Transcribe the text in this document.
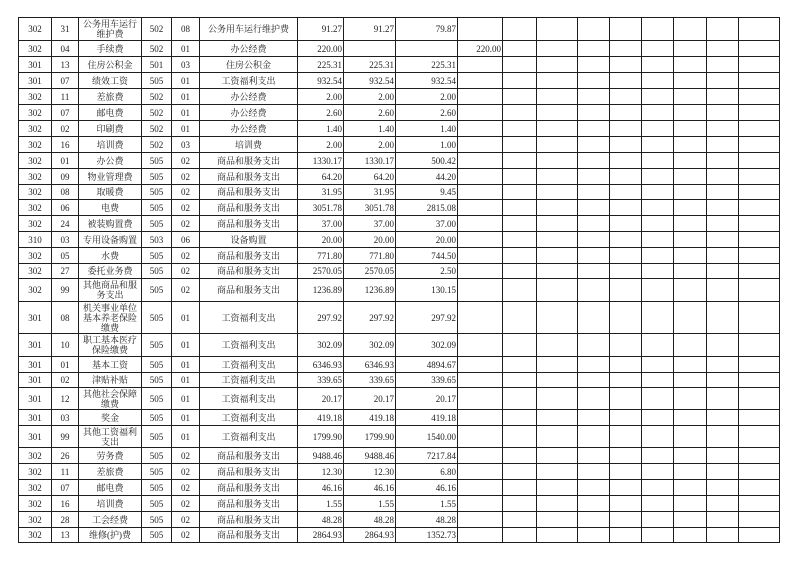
302	31	公务用车运行维护费	502	08	公务用车运行维护费	91.27	91.27	79.87									
302	04	手续费	502	01	办公经费	220.00			220.00								
301	13	住房公积金	501	03	住房公积金	225.31	225.31	225.31									
301	07	绩效工资	505	01	工资福利支出	932.54	932.54	932.54									
302	11	差旅费	502	01	办公经费	2.00	2.00	2.00									
302	07	邮电费	502	01	办公经费	2.60	2.60	2.60									
302	02	印刷费	502	01	办公经费	1.40	1.40	1.40									
302	16	培训费	502	03	培训费	2.00	2.00	1.00									
302	01	办公费	505	02	商品和服务支出	1330.17	1330.17	500.42									
302	09	物业管理费	505	02	商品和服务支出	64.20	64.20	44.20									
302	08	取暖费	505	02	商品和服务支出	31.95	31.95	9.45									
302	06	电费	505	02	商品和服务支出	3051.78	3051.78	2815.08									
302	24	被装购置费	505	02	商品和服务支出	37.00	37.00	37.00									
310	03	专用设备购置	503	06	设备购置	20.00	20.00	20.00									
302	05	水费	505	02	商品和服务支出	771.80	771.80	744.50									
302	27	委托业务费	505	02	商品和服务支出	2570.05	2570.05	2.50									
302	99	其他商品和服务支出	505	02	商品和服务支出	1236.89	1236.89	130.15									
301	08	机关事业单位基本养老保险缴费	505	01	工资福利支出	297.92	297.92	297.92									
301	10	职工基本医疗保险缴费	505	01	工资福利支出	302.09	302.09	302.09									
301	01	基本工资	505	01	工资福利支出	6346.93	6346.93	4894.67									
301	02	津贴补贴	505	01	工资福利支出	339.65	339.65	339.65									
301	12	其他社会保障缴费	505	01	工资福利支出	20.17	20.17	20.17									
301	03	奖金	505	01	工资福利支出	419.18	419.18	419.18									
301	99	其他工资福利支出	505	01	工资福利支出	1799.90	1799.90	1540.00									
302	26	劳务费	505	02	商品和服务支出	9488.46	9488.46	7217.84									
302	11	差旅费	505	02	商品和服务支出	12.30	12.30	6.80									
302	07	邮电费	505	02	商品和服务支出	46.16	46.16	46.16									
302	16	培训费	505	02	商品和服务支出	1.55	1.55	1.55									
302	28	工会经费	505	02	商品和服务支出	48.28	48.28	48.28									
302	13	维修(护)费	505	02	商品和服务支出	2864.93	2864.93	1352.73									
